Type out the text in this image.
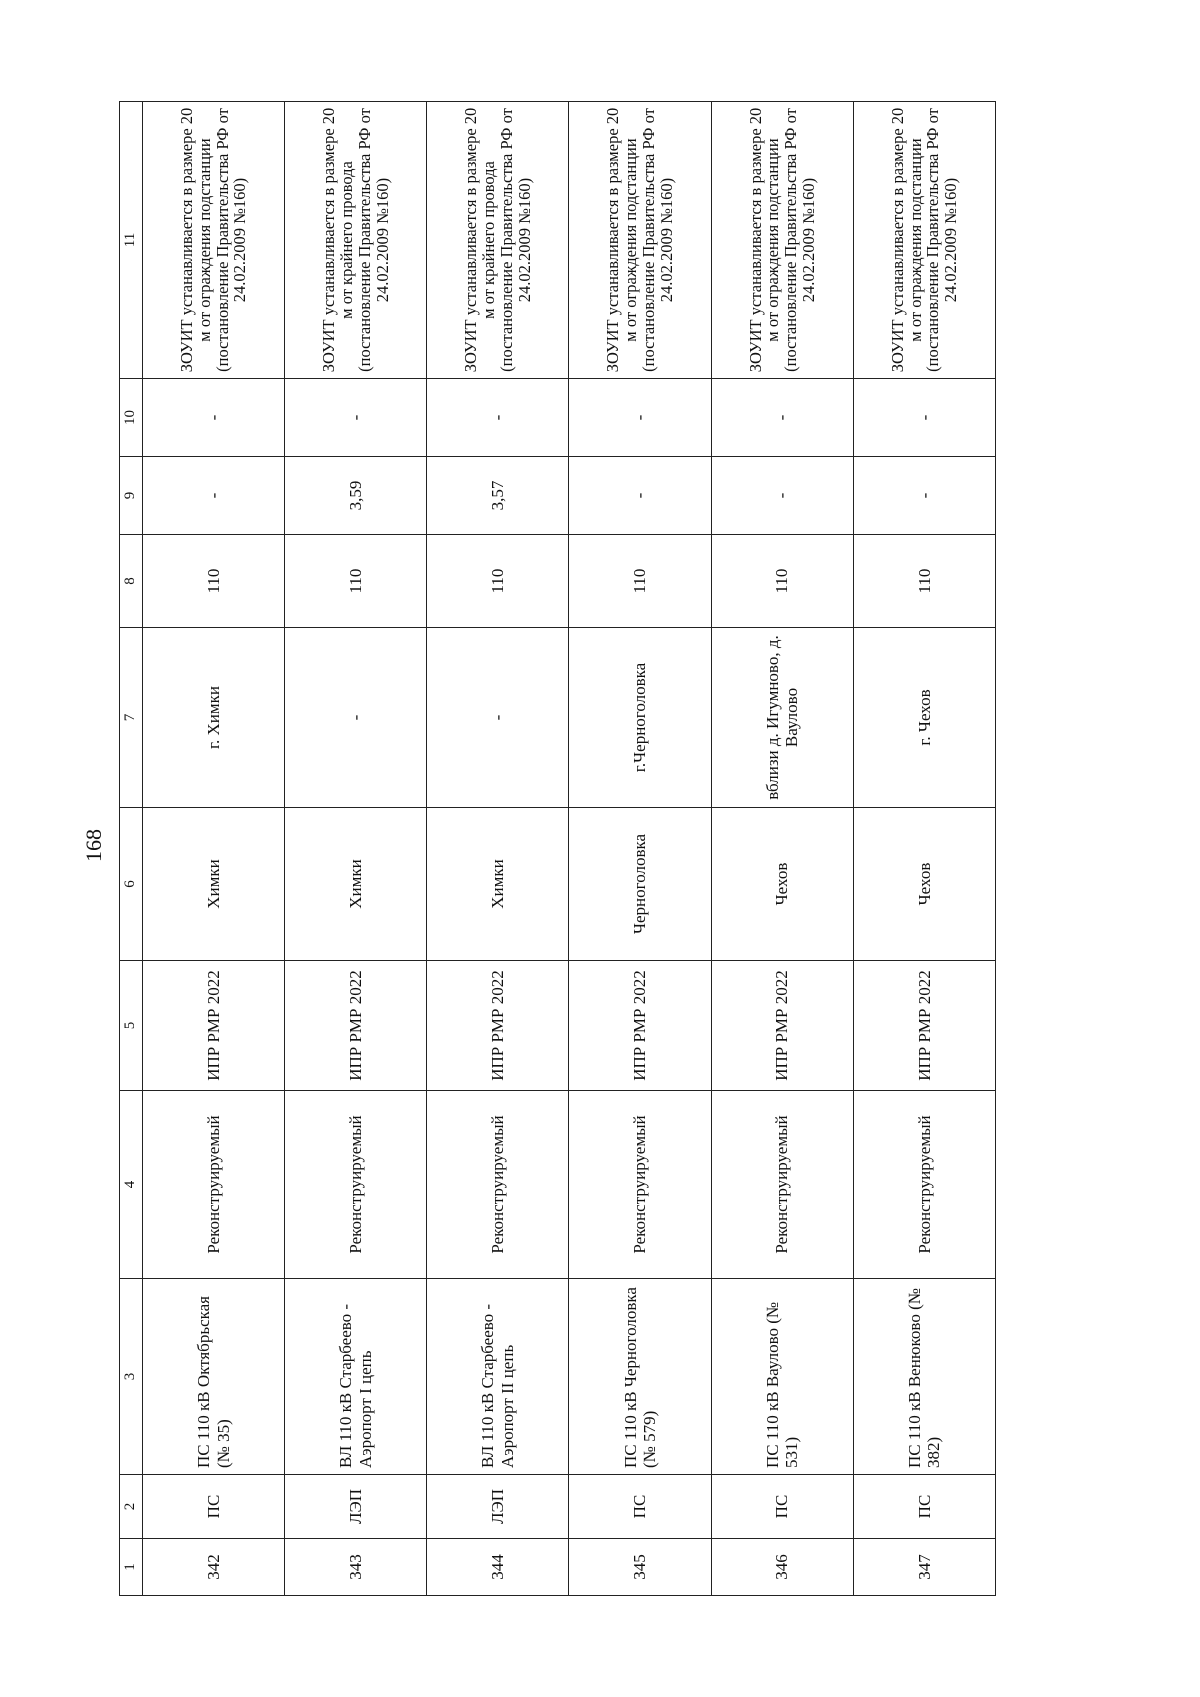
168
1	2	3	4	5	6	7	8	9	10	11
342	ПС	ПС 110 кВ Октябрьская (№ 35)	Реконструируемый	ИПР РМР 2022	Химки	г. Химки	110	-	-	ЗОУИТ устанавливается в размере 20 м от ограждения подстанции (постановление Правительства РФ от 24.02.2009 №160)
343	ЛЭП	ВЛ 110 кВ Старбеево - Аэропорт I цепь	Реконструируемый	ИПР РМР 2022	Химки	-	110	3,59	-	ЗОУИТ устанавливается в размере 20 м от крайнего провода (постановление Правительства РФ от 24.02.2009 №160)
344	ЛЭП	ВЛ 110 кВ Старбеево - Аэропорт II цепь	Реконструируемый	ИПР РМР 2022	Химки	-	110	3,57	-	ЗОУИТ устанавливается в размере 20 м от крайнего провода (постановление Правительства РФ от 24.02.2009 №160)
345	ПС	ПС 110 кВ Черноголовка (№ 579)	Реконструируемый	ИПР РМР 2022	Черноголовка	г.Черноголовка	110	-	-	ЗОУИТ устанавливается в размере 20 м от ограждения подстанции (постановление Правительства РФ от 24.02.2009 №160)
346	ПС	ПС 110 кВ Ваулово (№ 531)	Реконструируемый	ИПР РМР 2022	Чехов	вблизи д. Игумново, д. Ваулово	110	-	-	ЗОУИТ устанавливается в размере 20 м от ограждения подстанции (постановление Правительства РФ от 24.02.2009 №160)
347	ПС	ПС 110 кВ Венюково (№ 382)	Реконструируемый	ИПР РМР 2022	Чехов	г. Чехов	110	-	-	ЗОУИТ устанавливается в размере 20 м от ограждения подстанции (постановление Правительства РФ от 24.02.2009 №160)
